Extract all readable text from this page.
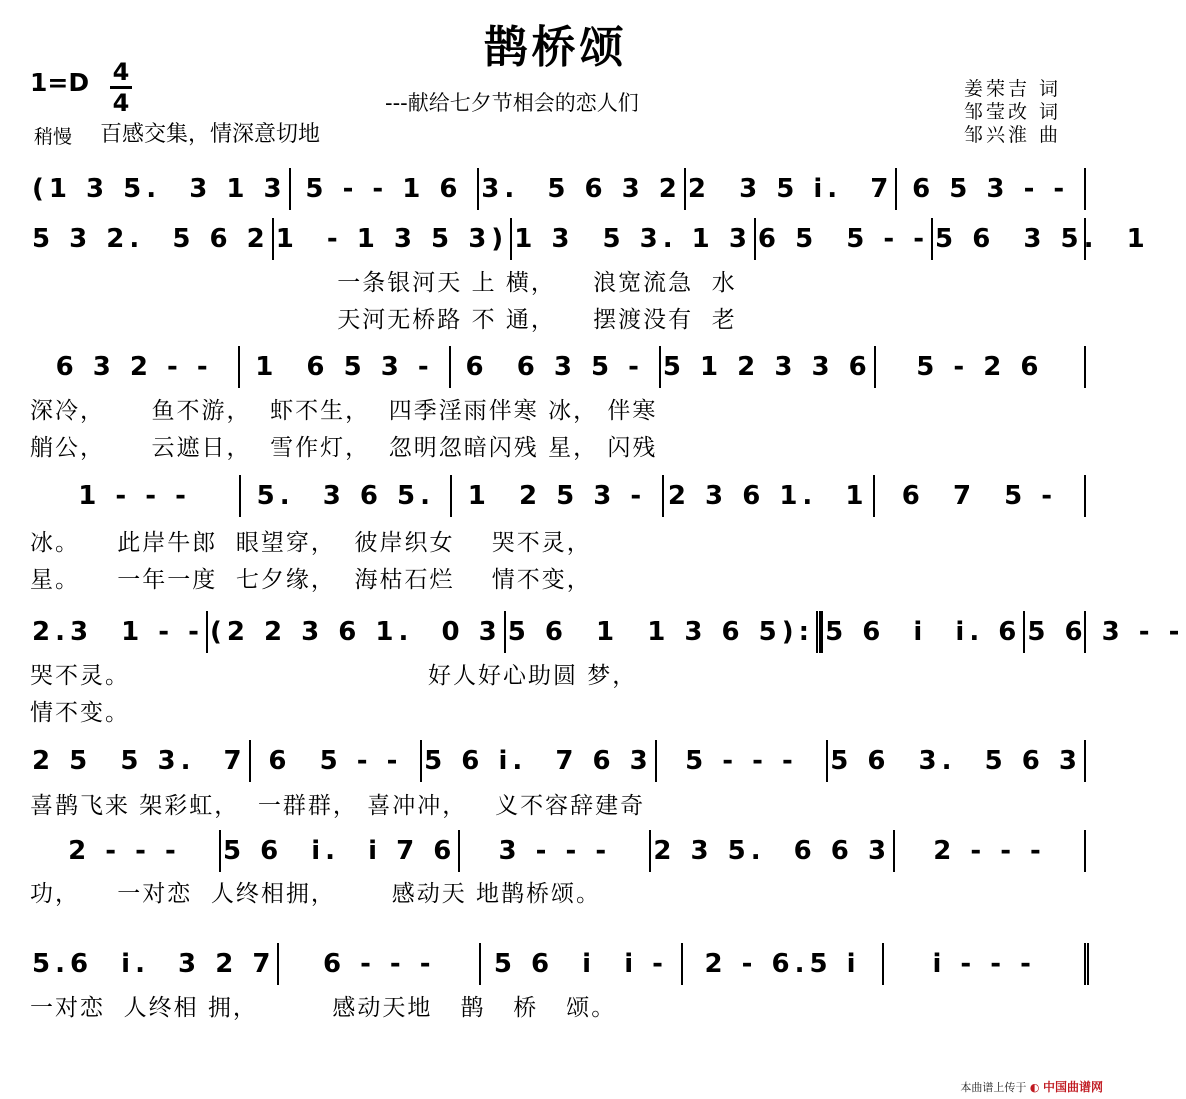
鹊桥颂
1=D 4
4
稍慢 百感交集，情深意切地
---献给七夕节相会的恋人们
姜荣吉 词
邹莹改 词
邹兴淮 曲
(1 3 5.  3 1 3 5 - - 1 6 3.  5 6 3 2 2  3 5 i.  7 6 5 3 - -
5 3 2.  5 6 2 1  - 1 3 5 3) 1 3  5 3. 1 3 6 5  5 - - 5 6  3 5.  1
6 3 2 - - 1  6 5 3 - 6  6 3 5 - 5 1 2 3 3 6 5 - 2 6
1 - - -	5.  3 6 5. 1  2 5 3 - 2 3 6 1.  1 6  7  5 -
2.3  1 - - (2 2 3 6 1.  0 3 5 6  1  1 3 6 5): 5 6  i  i. 6 5 6 3 - -
2 5  5 3.  7 6  5 - - 5 6 i.  7 6 3 5 - - - 5 6  3.  5 6 3
2 - - - 5 6  i.  i 7 6 3 - - - 2 3 5.  6 6 3 2 - - -
5.6  i.  3 2 7 6 - - - 5 6  i  i - 2 - 6.5 i	i - - -
一条银河天 上 横，    浪宽流急  水
天河无桥路 不 通，    摆渡没有  老
深冷，     鱼不游，  虾不生，  四季淫雨伴寒 冰， 伴寒
艄公，     云遮日，  雪作灯，  忽明忽暗闪残 星， 闪残
冰。    此岸牛郎  眼望穿，  彼岸织女    哭不灵，
星。    一年一度  七夕缘，  海枯石烂    情不变，
哭不灵。                                好人好心助圆 梦，
情不变。
喜鹊飞来 架彩虹，  一群群， 喜冲冲，   义不容辞建奇
功，    一对恋  人终相拥，      感动天 地鹊桥颂。
一对恋  人终相 拥，        感动天地   鹊   桥   颂。
本曲谱上传于 ◐ 中国曲谱网
